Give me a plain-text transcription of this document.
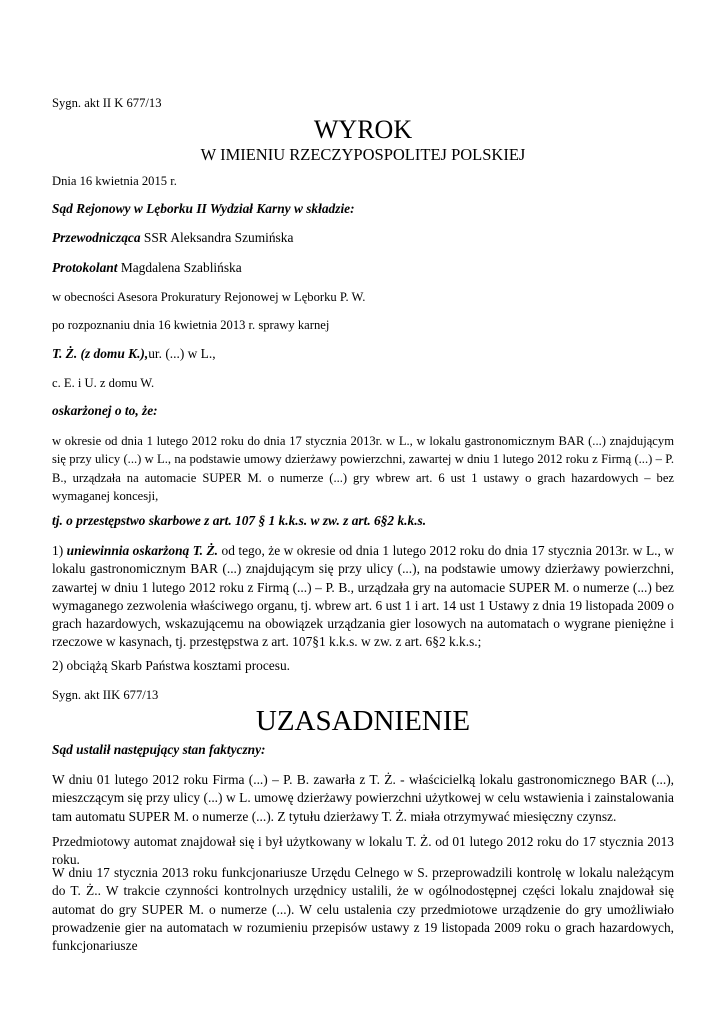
Sygn. akt II K 677/13

WYROK

W IMIENIU RZECZYPOSPOLITEJ POLSKIEJ

Dnia 16 kwietnia 2015 r.

Sąd Rejonowy w Lęborku II Wydział Karny w składzie:

Przewodnicząca SSR Aleksandra Szumińska

Protokolant Magdalena Szablińska

w obecności Asesora Prokuratury Rejonowej w Lęborku P. W.

po rozpoznaniu dnia 16 kwietnia 2013 r. sprawy karnej

T. Ż. (z domu K.),ur. (...) w L.,

c. E. i U. z domu W.

oskarżonej o to, że:

w okresie od dnia 1 lutego 2012 roku do dnia 17 stycznia 2013r. w L., w lokalu gastronomicznym BAR (...) znajdującym się przy ulicy (...) w L., na podstawie umowy dzierżawy powierzchni, zawartej w dniu 1 lutego 2012 roku z Firmą (...) – P. B., urządzała na automacie SUPER M. o numerze (...) gry wbrew art. 6 ust 1 ustawy o grach hazardowych – bez wymaganej koncesji,

tj. o przestępstwo skarbowe z art. 107 § 1 k.k.s. w zw. z art. 6§2 k.k.s.

1) uniewinnia oskarżoną T. Ż. od tego, że w okresie od dnia 1 lutego 2012 roku do dnia 17 stycznia 2013r. w L., w lokalu gastronomicznym BAR (...) znajdującym się przy ulicy (...), na podstawie umowy dzierżawy powierzchni, zawartej w dniu 1 lutego 2012 roku z Firmą (...) – P. B., urządzała gry na automacie SUPER M. o numerze (...) bez wymaganego zezwolenia właściwego organu, tj. wbrew art. 6 ust 1 i art. 14 ust 1 Ustawy z dnia 19 listopada 2009 o grach hazardowych, wskazującemu na obowiązek urządzania gier losowych na automatach o wygrane pieniężne i rzeczowe w kasynach, tj. przestępstwa z art. 107§1 k.k.s. w zw. z art. 6§2 k.k.s.;

2) obciążą Skarb Państwa kosztami procesu.

Sygn. akt IIK 677/13

UZASADNIENIE

Sąd ustalił następujący stan faktyczny:

W dniu 01 lutego 2012 roku Firma (...) – P. B. zawarła z T. Ż. - właścicielką lokalu gastronomicznego BAR (...), mieszczącym się przy ulicy (...) w L. umowę dzierżawy powierzchni użytkowej w celu wstawienia i zainstalowania tam automatu SUPER M. o numerze (...). Z tytułu dzierżawy T. Ż. miała otrzymywać miesięczny czynsz.

Przedmiotowy automat znajdował się i był użytkowany w lokalu T. Ż. od 01 lutego 2012 roku do 17 stycznia 2013 roku.

W dniu 17 stycznia 2013 roku funkcjonariusze Urzędu Celnego w S. przeprowadzili kontrolę w lokalu należącym do T. Ż.. W trakcie czynności kontrolnych urzędnicy ustalili, że w ogólnodostępnej części lokalu znajdował się automat do gry SUPER M. o numerze (...). W celu ustalenia czy przedmiotowe urządzenie do gry umożliwiało prowadzenie gier na automatach w rozumieniu przepisów ustawy z 19 listopada 2009 roku o grach hazardowych, funkcjonariusze
